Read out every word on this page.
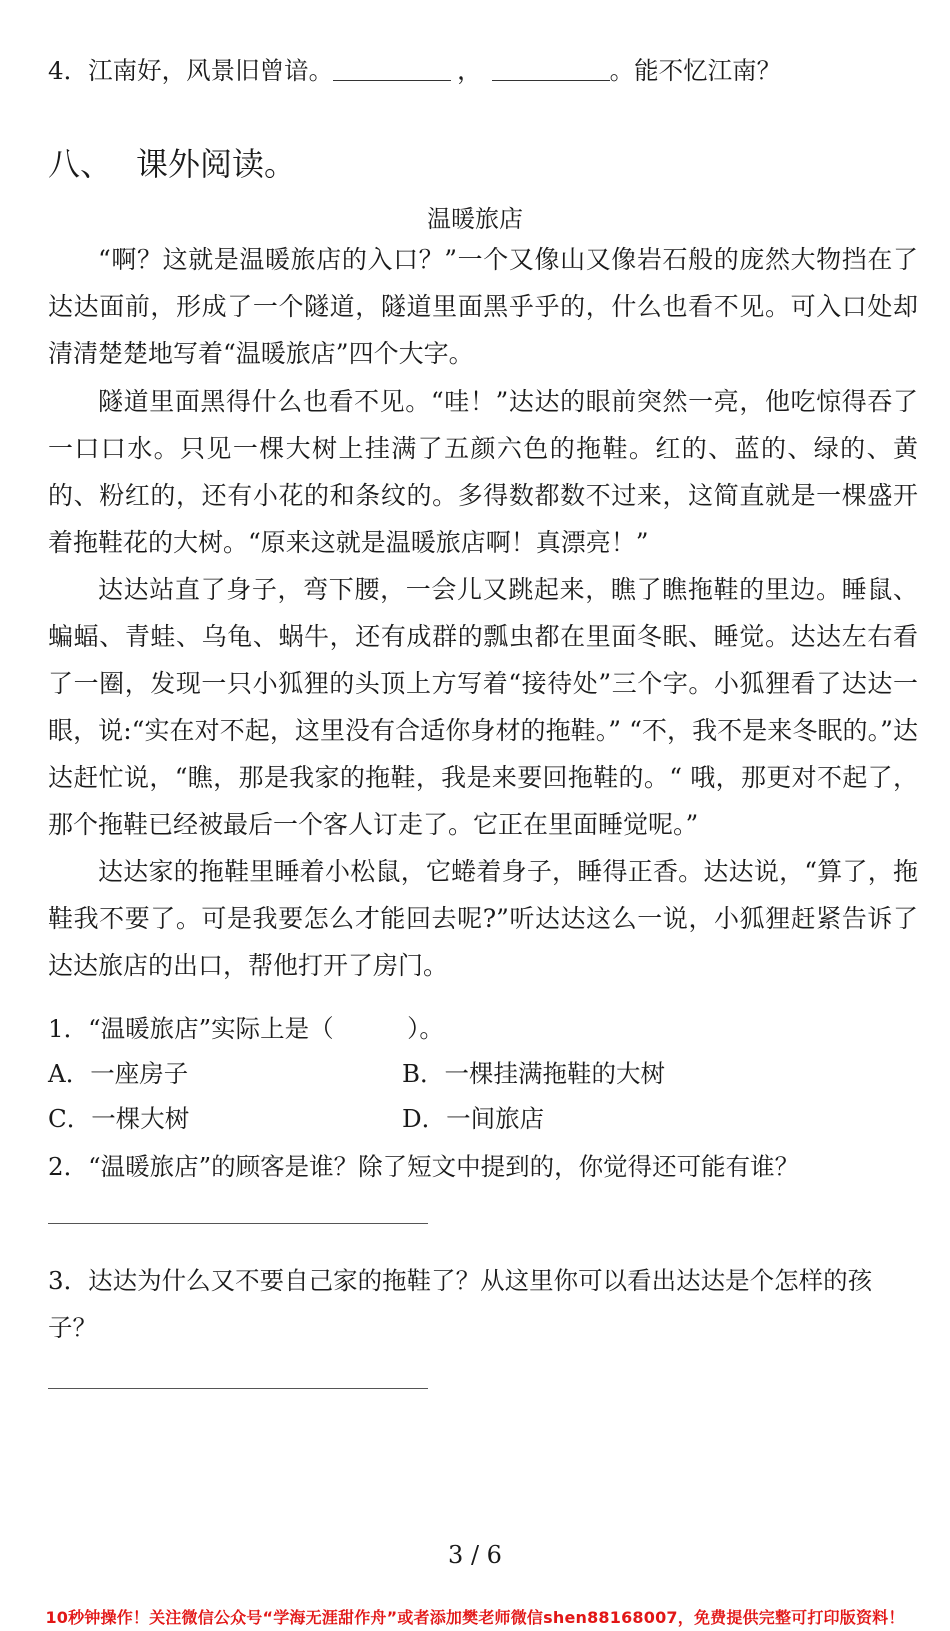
4．江南好，风景旧曾谙。	，	。能不忆江南？
八、 课外阅读。
温暖旅店
“啊？这就是温暖旅店的入口？”一个又像山又像岩石般的庞然大物挡在了达达面前，形成了一个隧道，隧道里面黑乎乎的，什么也看不见。可入口处却清清楚楚地写着“温暖旅店”四个大字。
隧道里面黑得什么也看不见。“哇！”达达的眼前突然一亮，他吃惊得吞了一口口水。只见一棵大树上挂满了五颜六色的拖鞋。红的、蓝的、绿的、黄的、粉红的，还有小花的和条纹的。多得数都数不过来，这简直就是一棵盛开着拖鞋花的大树。“原来这就是温暖旅店啊！真漂亮！”
达达站直了身子，弯下腰，一会儿又跳起来，瞧了瞧拖鞋的里边。睡鼠、蝙蝠、青蛙、乌龟、蜗牛，还有成群的瓢虫都在里面冬眠、睡觉。达达左右看了一圈，发现一只小狐狸的头顶上方写着“接待处”三个字。小狐狸看了达达一眼，说:“实在对不起，这里没有合适你身材的拖鞋。” “不，我不是来冬眠的。”达达赶忙说，“瞧，那是我家的拖鞋，我是来要回拖鞋的。“ 哦，那更对不起了，那个拖鞋已经被最后一个客人订走了。它正在里面睡觉呢。”
达达家的拖鞋里睡着小松鼠，它蜷着身子，睡得正香。达达说，“算了，拖鞋我不要了。可是我要怎么才能回去呢?”听达达这么一说，小狐狸赶紧告诉了达达旅店的出口，帮他打开了房门。
1．“温暖旅店”实际上是（　　　）。
A．一座房子	B．一棵挂满拖鞋的大树
C．一棵大树	D．一间旅店
2．“温暖旅店”的顾客是谁？除了短文中提到的，你觉得还可能有谁？
3．达达为什么又不要自己家的拖鞋了？从这里你可以看出达达是个怎样的孩
子？
3 / 6
10秒钟操作！关注微信公众号“学海无涯甜作舟”或者添加樊老师微信shen88168007，免费提供完整可打印版资料！
